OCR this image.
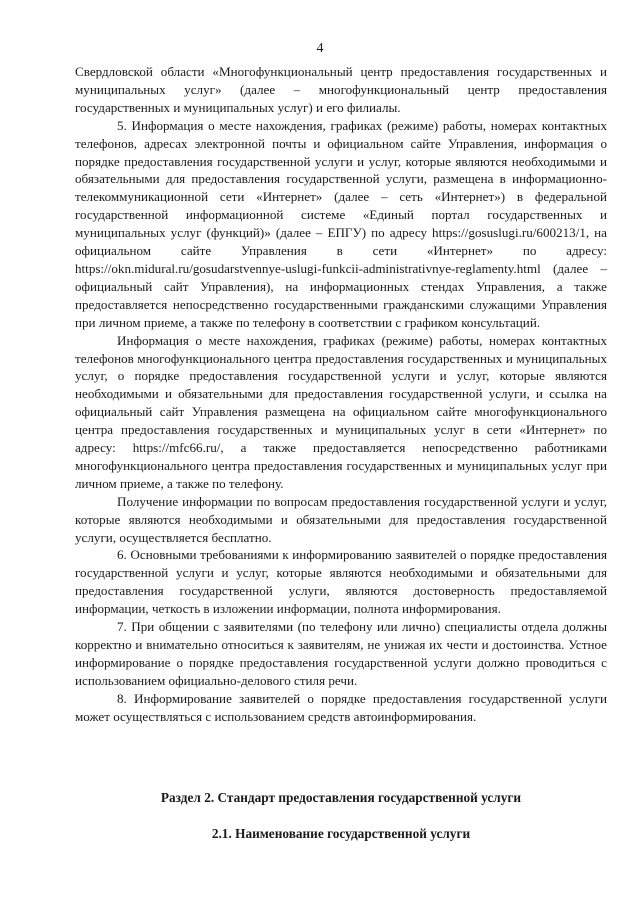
4

Свердловской области «Многофункциональный центр предоставления государственных и муниципальных услуг» (далее – многофункциональный центр предоставления государственных и муниципальных услуг) и его филиалы.

5. Информация о месте нахождения, графиках (режиме) работы, номерах контактных телефонов, адресах электронной почты и официальном сайте Управления, информация о порядке предоставления государственной услуги и услуг, которые являются необходимыми и обязательными для предоставления государственной услуги, размещена в информационно-телекоммуникационной сети «Интернет» (далее – сеть «Интернет») в федеральной государственной информационной системе «Единый портал государственных и муниципальных услуг (функций)» (далее – ЕПГУ) по адресу https://gosuslugi.ru/600213/1, на официальном сайте Управления в сети «Интернет» по адресу: https://okn.midural.ru/gosudarstvennye-uslugi-funkcii-administrativnye-reglamenty.html (далее – официальный сайт Управления), на информационных стендах Управления, а также предоставляется непосредственно государственными гражданскими служащими Управления при личном приеме, а также по телефону в соответствии с графиком консультаций.

Информация о месте нахождения, графиках (режиме) работы, номерах контактных телефонов многофункционального центра предоставления государственных и муниципальных услуг, о порядке предоставления государственной услуги и услуг, которые являются необходимыми и обязательными для предоставления государственной услуги, и ссылка на официальный сайт Управления размещена на официальном сайте многофункционального центра предоставления государственных и муниципальных услуг в сети «Интернет» по адресу: https://mfc66.ru/, а также предоставляется непосредственно работниками многофункционального центра предоставления государственных и муниципальных услуг при личном приеме, а также по телефону.

Получение информации по вопросам предоставления государственной услуги и услуг, которые являются необходимыми и обязательными для предоставления государственной услуги, осуществляется бесплатно.

6. Основными требованиями к информированию заявителей о порядке предоставления государственной услуги и услуг, которые являются необходимыми и обязательными для предоставления государственной услуги, являются достоверность предоставляемой информации, четкость в изложении информации, полнота информирования.

7. При общении с заявителями (по телефону или лично) специалисты отдела должны корректно и внимательно относиться к заявителям, не унижая их чести и достоинства. Устное информирование о порядке предоставления государственной услуги должно проводиться с использованием официально-делового стиля речи.

8. Информирование заявителей о порядке предоставления государственной услуги может осуществляться с использованием средств автоинформирования.

Раздел 2. Стандарт предоставления государственной услуги
2.1. Наименование государственной услуги
